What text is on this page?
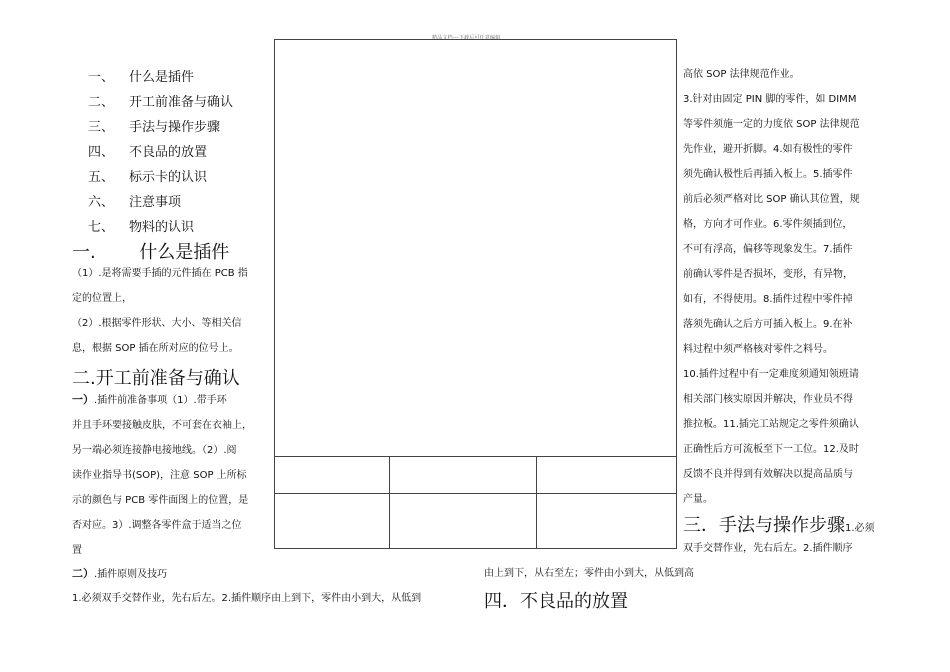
精品文档---下载后可任意编辑
一、 什么是插件
二、 开工前准备与确认
三、 手法与操作步骤
四、 不良品的放置
五、 标示卡的认识
六、 注意事项
七、 物料的认识
一. 什么是插件
（1）.是将需要手插的元件插在 PCB 指
定的位置上，
（2）.根据零件形状、大小、等相关信
息，根据 SOP 插在所对应的位号上。
二.开工前准备与确认
一）.插件前准备事项（1）.带手环
并且手环要接触皮肤，不可套在衣袖上，
另一端必须连接静电接地线。（2）.阅
读作业指导书(SOP)，注意 SOP 上所标
示的颜色与 PCB 零件面图上的位置，是
否对应。3）.调整各零件盒于适当之位
置
二）.插件原则及技巧
1.必须双手交替作业，先右后左。2.插件顺序由上到下，零件由小到大，从低到
高依 SOP 法律规范作业。
3.针对由固定 PIN 脚的零件，如 DIMM
等零件须施一定的力度依 SOP 法律规范
先作业，避开折脚。4.如有极性的零件
须先确认极性后再插入板上。5.插零件
前后必须严格对比 SOP 确认其位置，规
格，方向才可作业。6.零件须插到位，
不可有浮高，偏移等现象发生。7.插件
前确认零件是否损坏，变形，有异物，
如有，不得使用。8.插件过程中零件掉
落须先确认之后方可插入板上。9.在补
料过程中须严格核对零件之料号。
10.插件过程中有一定难度须通知领班请
相关部门核实原因并解决，作业员不得
推拉板。11.插完工站规定之零件须确认
正确性后方可流板至下一工位。12.及时
反馈不良并得到有效解决以提高品质与
产量。
三．手法与操作步骤1.必须
双手交替作业，先右后左。2.插件顺序
由上到下，从右至左；零件由小到大，从低到高
四．不良品的放置
